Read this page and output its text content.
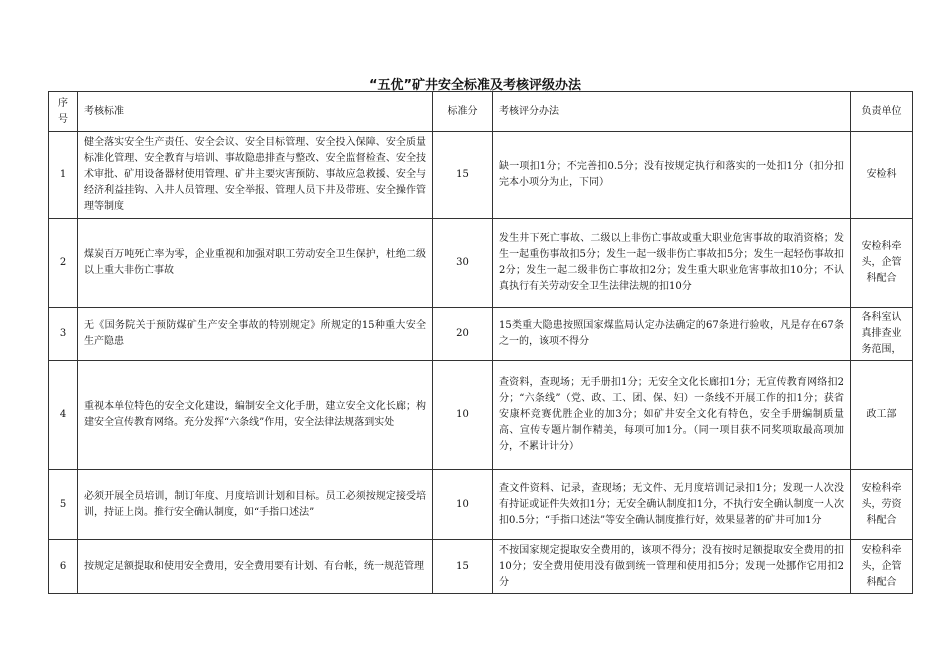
“五优”矿井安全标准及考核评级办法
序号	考核标准	标准分	考核评分办法	负责单位
1	健全落实安全生产责任、安全会议、安全目标管理、安全投入保障、安全质量标准化管理、安全教育与培训、事故隐患排查与整改、安全监督检查、安全技术审批、矿用设备器材使用管理、矿井主要灾害预防、事故应急救援、安全与经济利益挂钩、入井人员管理、安全举报、管理人员下井及带班、安全操作管理等制度	15	缺一项扣1分；不完善扣0.5分；没有按规定执行和落实的一处扣1分（扣分扣完本小项分为止，下同）	安检科
2	煤炭百万吨死亡率为零，企业重视和加强对职工劳动安全卫生保护，杜绝二级以上重大非伤亡事故	30	发生井下死亡事故、二级以上非伤亡事故或重大职业危害事故的取消资格；发生一起重伤事故扣5分；发生一起一级非伤亡事故扣5分；发生一起轻伤事故扣2分；发生一起二级非伤亡事故扣2分；发生重大职业危害事故扣10分；不认真执行有关劳动安全卫生法律法规的扣10分	安检科牵头，企管科配合
3	无《国务院关于预防煤矿生产安全事故的特别规定》所规定的15种重大安全生产隐患	20	15类重大隐患按照国家煤监局认定办法确定的67条进行验收，凡是存在67条之一的，该项不得分	各科室认真排查业务范围，
4	重视本单位特色的安全文化建设，编制安全文化手册，建立安全文化长廊；构建安全宣传教育网络。充分发挥“六条线”作用，安全法律法规落到实处	10	查资料，查现场；无手册扣1分；无安全文化长廊扣1分；无宣传教育网络扣2分；“六条线”（党、政、工、团、保、妇）一条线不开展工作的扣1分；获省安康杯竞赛优胜企业的加3分；如矿井安全文化有特色，安全手册编制质量高、宣传专题片制作精美，每项可加1分。（同一项目获不同奖项取最高项加 分，不累计计分）	政工部
5	必须开展全员培训，制订年度、月度培训计划和目标。员工必须按规定接受培训，持证上岗。推行安全确认制度，如“手指口述法”	10	查文件资料、记录，查现场；无文件、无月度培训记录扣1分；发现一人次没有持证或证件失效扣1分；无安全确认制度扣1分，不执行安全确认制度一人次扣0.5分；“手指口述法”等安全确认制度推行好，效果显著的矿井可加1分	安检科牵头，劳资科配合
6	按规定足额提取和使用安全费用，安全费用要有计划、有台帐，统一规范管理	15	不按国家规定提取安全费用的，该项不得分；没有按时足额提取安全费用的扣10分；安全费用使用没有做到统一管理和使用扣5分；发现一处挪作它用扣2分	安检科牵头，企管科配合
